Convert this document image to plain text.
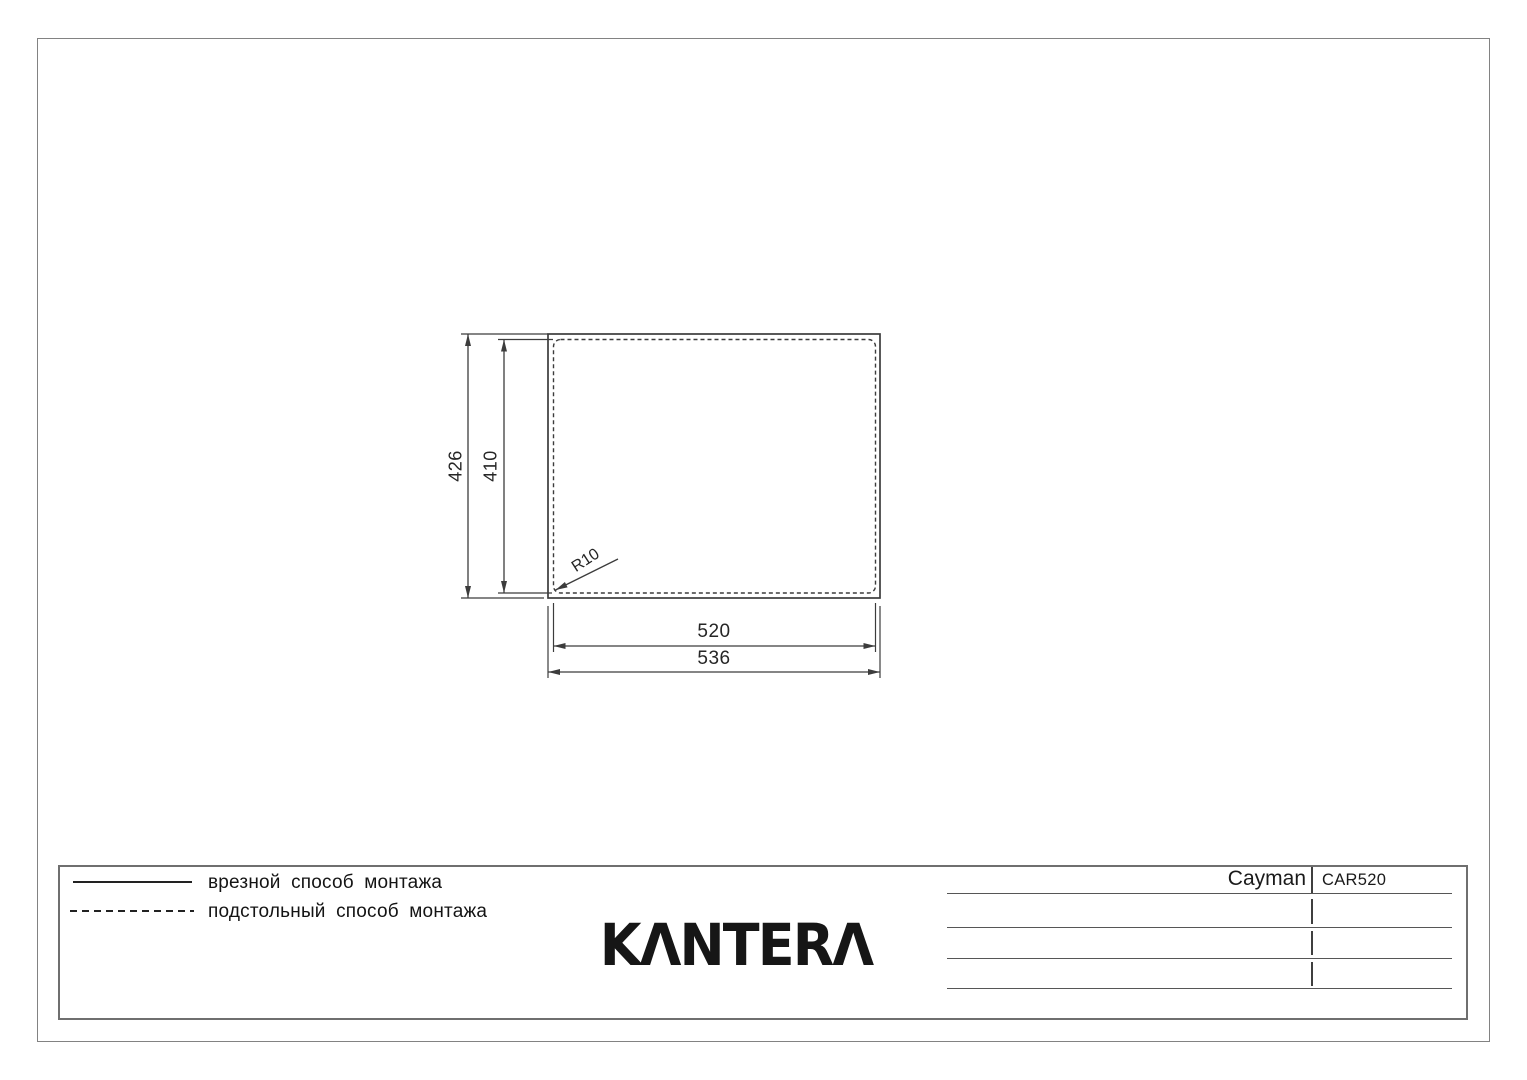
426 410
520
536
R10
врезной способ монтажа
подстольный способ монтажа KΛNTERΛ
Cayman CAR520
